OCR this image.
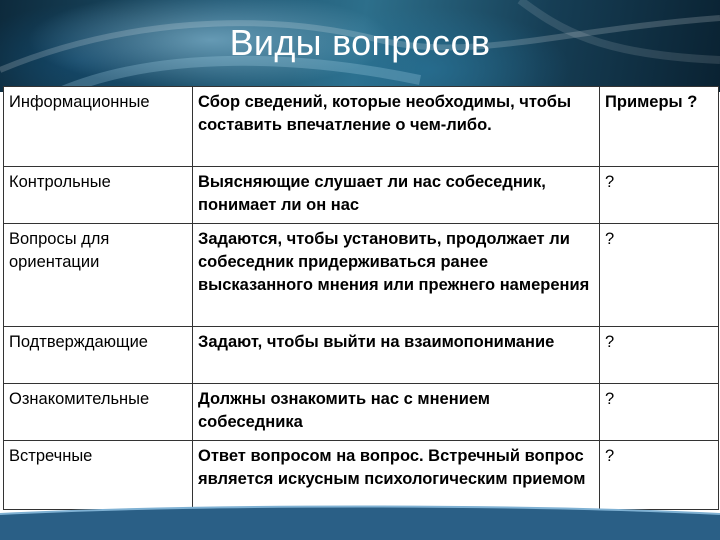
Виды вопросов
Информационные	Сбор сведений, которые необходимы, чтобы составить впечатление о чем-либо.	Примеры ?
Контрольные	Выясняющие слушает ли нас собеседник, понимает ли он нас	?
Вопросы для ориентации	Задаются, чтобы установить, продолжает ли собеседник придерживаться ранее высказанного мнения или прежнего намерения	?
Подтверждающие	Задают, чтобы выйти на взаимопонимание	?
Ознакомительные	Должны ознакомить нас с мнением собеседника	?
Встречные	Ответ вопросом на вопрос. Встречный вопрос является искусным психологическим приемом	?
